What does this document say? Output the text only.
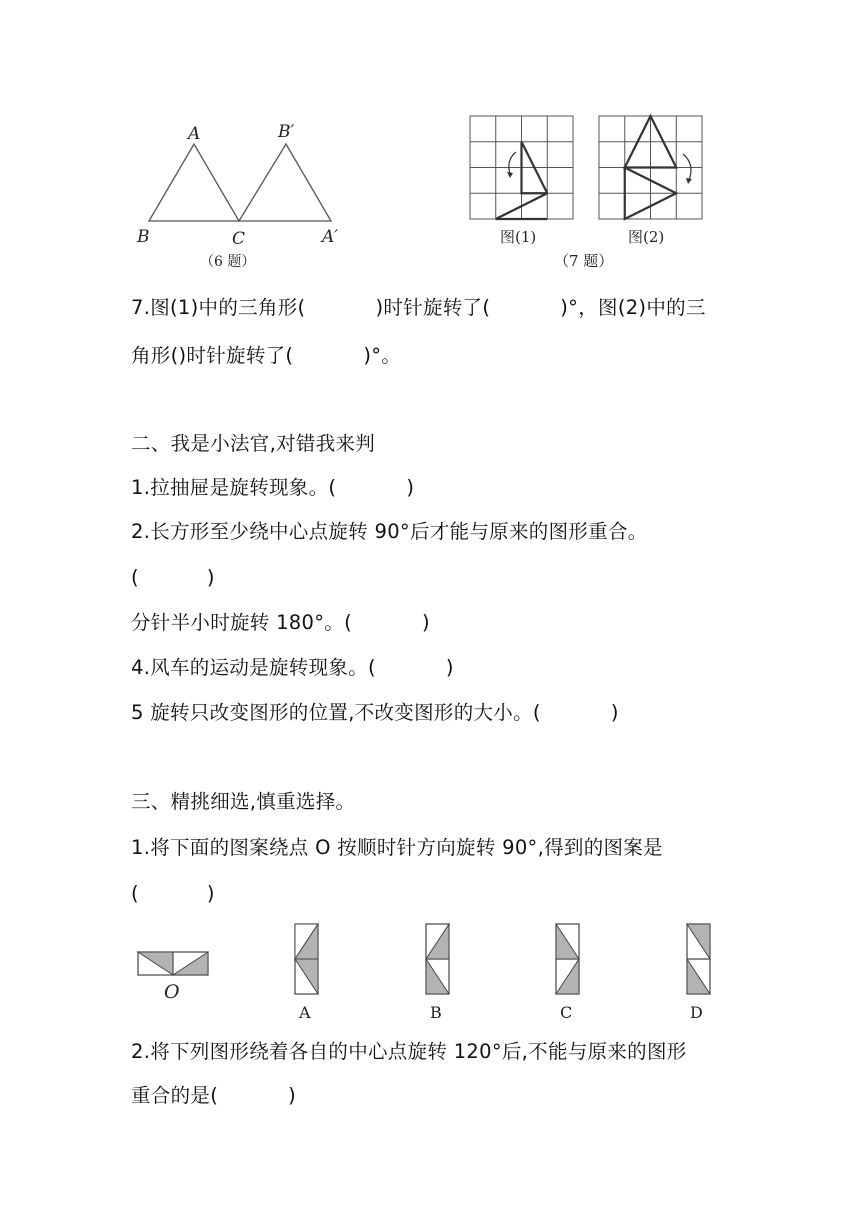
A	B′
B	C	A′
（6 题）
图(1)	图(2)
（7 题）
7.图(1)中的三角形(	)时针旋转了(	)°，图(2)中的三
角形()时针旋转了(	)°。
二、我是小法官,对错我来判
1.拉抽屉是旋转现象。(	)
2.长方形至少绕中心点旋转 90°后才能与原来的图形重合。
(	)
分针半小时旋转 180°。(	)
4.风车的运动是旋转现象。(	)
5 旋转只改变图形的位置,不改变图形的大小。(	)
三、精挑细选,慎重选择。
1.将下面的图案绕点 O 按顺时针方向旋转 90°,得到的图案是
(	)
O
A	B	C	D
2.将下列图形绕着各自的中心点旋转 120°后,不能与原来的图形
重合的是(	)
